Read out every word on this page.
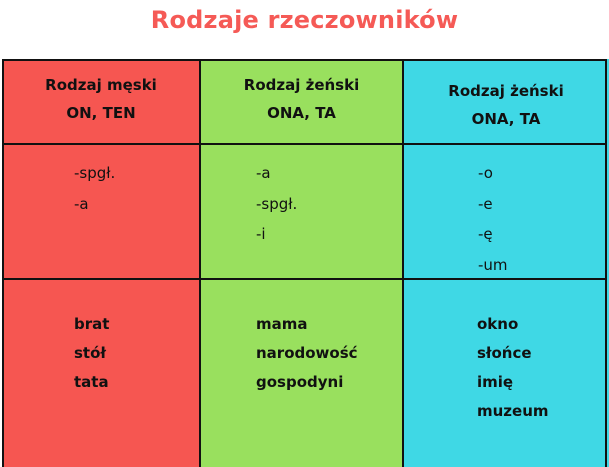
Rodzaje rzeczowników
Rodzaj męski
ON, TEN
-spgł.
-a
brat
stół
tata
Rodzaj żeński
ONA, TA
-a
-spgł.
-i
mama
narodowość
gospodyni
Rodzaj żeński
ONA, TA
-o
-e
-ę
-um
okno
słońce
imię
muzeum
